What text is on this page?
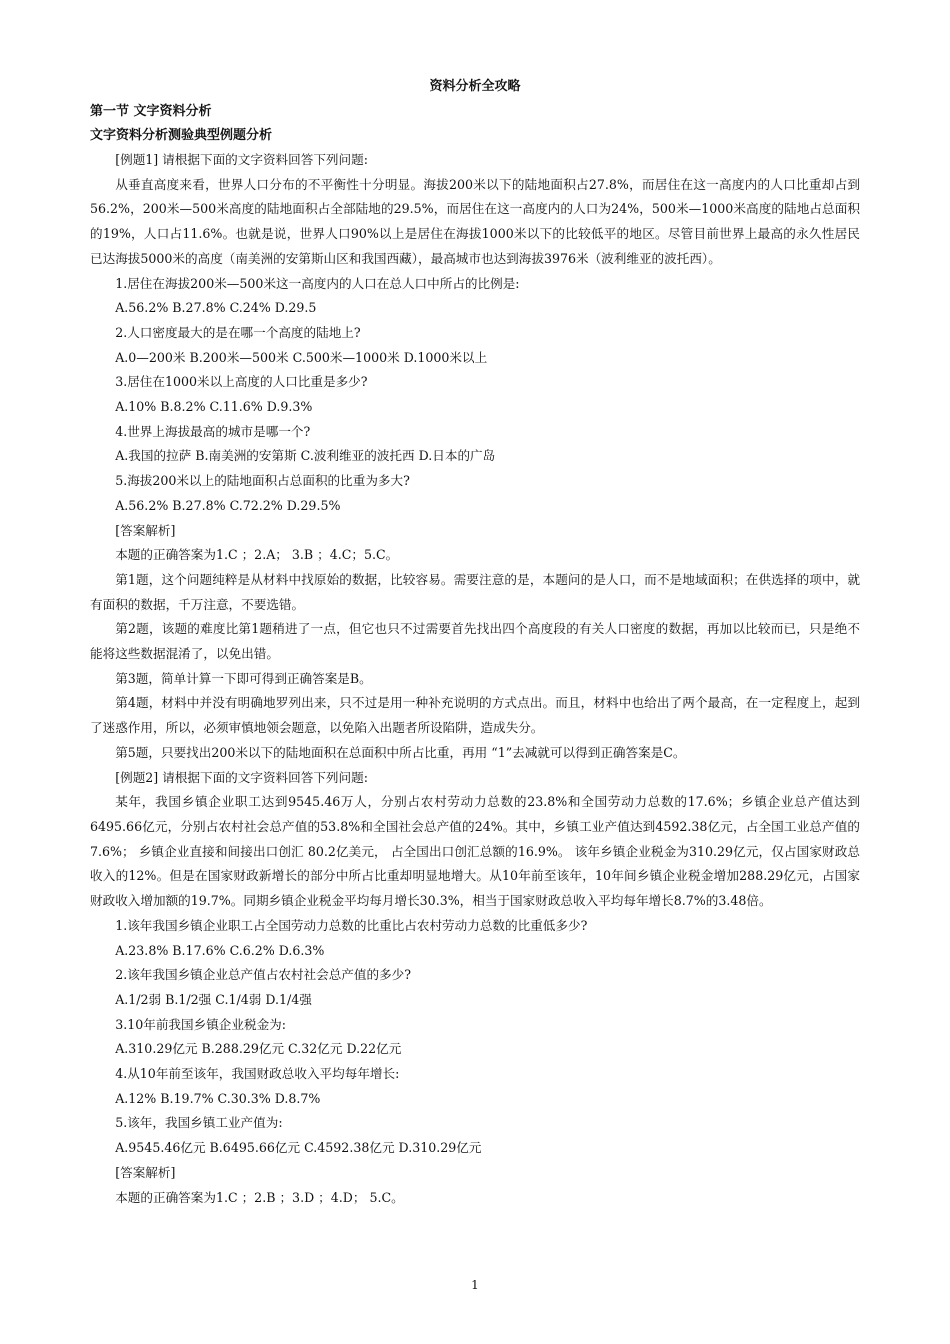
资料分析全攻略
第一节 文字资料分析
文字资料分析测验典型例题分析
[例题1] 请根据下面的文字资料回答下列问题:
从垂直高度来看，世界人口分布的不平衡性十分明显。海拔200米以下的陆地面积占27.8%，而居住在这一高度内的人口比重却占到56.2%，200米—500米高度的陆地面积占全部陆地的29.5%，而居住在这一高度内的人口为24%，500米—1000米高度的陆地占总面积的19%，人口占11.6%。也就是说，世界人口90%以上是居住在海拔1000米以下的比较低平的地区。尽管目前世界上最高的永久性居民已达海拔5000米的高度（南美洲的安第斯山区和我国西藏），最高城市也达到海拔3976米（波利维亚的波托西）。
1.居住在海拔200米—500米这一高度内的人口在总人口中所占的比例是:
A.56.2% B.27.8% C.24% D.29.5
2.人口密度最大的是在哪一个高度的陆地上?
A.0—200米 B.200米—500米 C.500米—1000米 D.1000米以上
3.居住在1000米以上高度的人口比重是多少?
A.10% B.8.2% C.11.6% D.9.3%
4.世界上海拔最高的城市是哪一个?
A.我国的拉萨 B.南美洲的安第斯 C.波利维亚的波托西 D.日本的广岛
5.海拔200米以上的陆地面积占总面积的比重为多大?
A.56.2% B.27.8% C.72.2% D.29.5%
[答案解析]
本题的正确答案为1.C ；2.A； 3.B ；4.C；5.C。
第1题，这个问题纯粹是从材料中找原始的数据，比较容易。需要注意的是，本题问的是人口，而不是地域面积；在供选择的项中，就有面积的数据，千万注意，不要选错。
第2题，该题的难度比第1题稍进了一点，但它也只不过需要首先找出四个高度段的有关人口密度的数据，再加以比较而已，只是绝不能将这些数据混淆了，以免出错。
第3题，简单计算一下即可得到正确答案是B。
第4题，材料中并没有明确地罗列出来，只不过是用一种补充说明的方式点出。而且，材料中也给出了两个最高，在一定程度上，起到了迷惑作用，所以，必须审慎地领会题意，以免陷入出题者所设陷阱，造成失分。
第5题，只要找出200米以下的陆地面积在总面积中所占比重，再用 “1”去减就可以得到正确答案是C。
[例题2] 请根据下面的文字资料回答下列问题:
某年，我国乡镇企业职工达到9545.46万人，分别占农村劳动力总数的23.8%和全国劳动力总数的17.6%；乡镇企业总产值达到6495.66亿元，分别占农村社会总产值的53.8%和全国社会总产值的24%。其中，乡镇工业产值达到4592.38亿元，占全国工业总产值的7.6%； 乡镇企业直接和间接出口创汇 80.2亿美元， 占全国出口创汇总额的16.9%。 该年乡镇企业税金为310.29亿元，仅占国家财政总收入的12%。但是在国家财政新增长的部分中所占比重却明显地增大。从10年前至该年，10年间乡镇企业税金增加288.29亿元，占国家财政收入增加额的19.7%。同期乡镇企业税金平均每月增长30.3%，相当于国家财政总收入平均每年增长8.7%的3.48倍。
1.该年我国乡镇企业职工占全国劳动力总数的比重比占农村劳动力总数的比重低多少?
A.23.8% B.17.6% C.6.2% D.6.3%
2.该年我国乡镇企业总产值占农村社会总产值的多少?
A.1/2弱 B.1/2强 C.1/4弱 D.1/4强
3.10年前我国乡镇企业税金为:
A.310.29亿元 B.288.29亿元 C.32亿元 D.22亿元
4.从10年前至该年，我国财政总收入平均每年增长:
A.12% B.19.7% C.30.3% D.8.7%
5.该年，我国乡镇工业产值为:
A.9545.46亿元 B.6495.66亿元 C.4592.38亿元 D.310.29亿元
[答案解析]
本题的正确答案为1.C ；2.B ；3.D ；4.D； 5.C。
1
